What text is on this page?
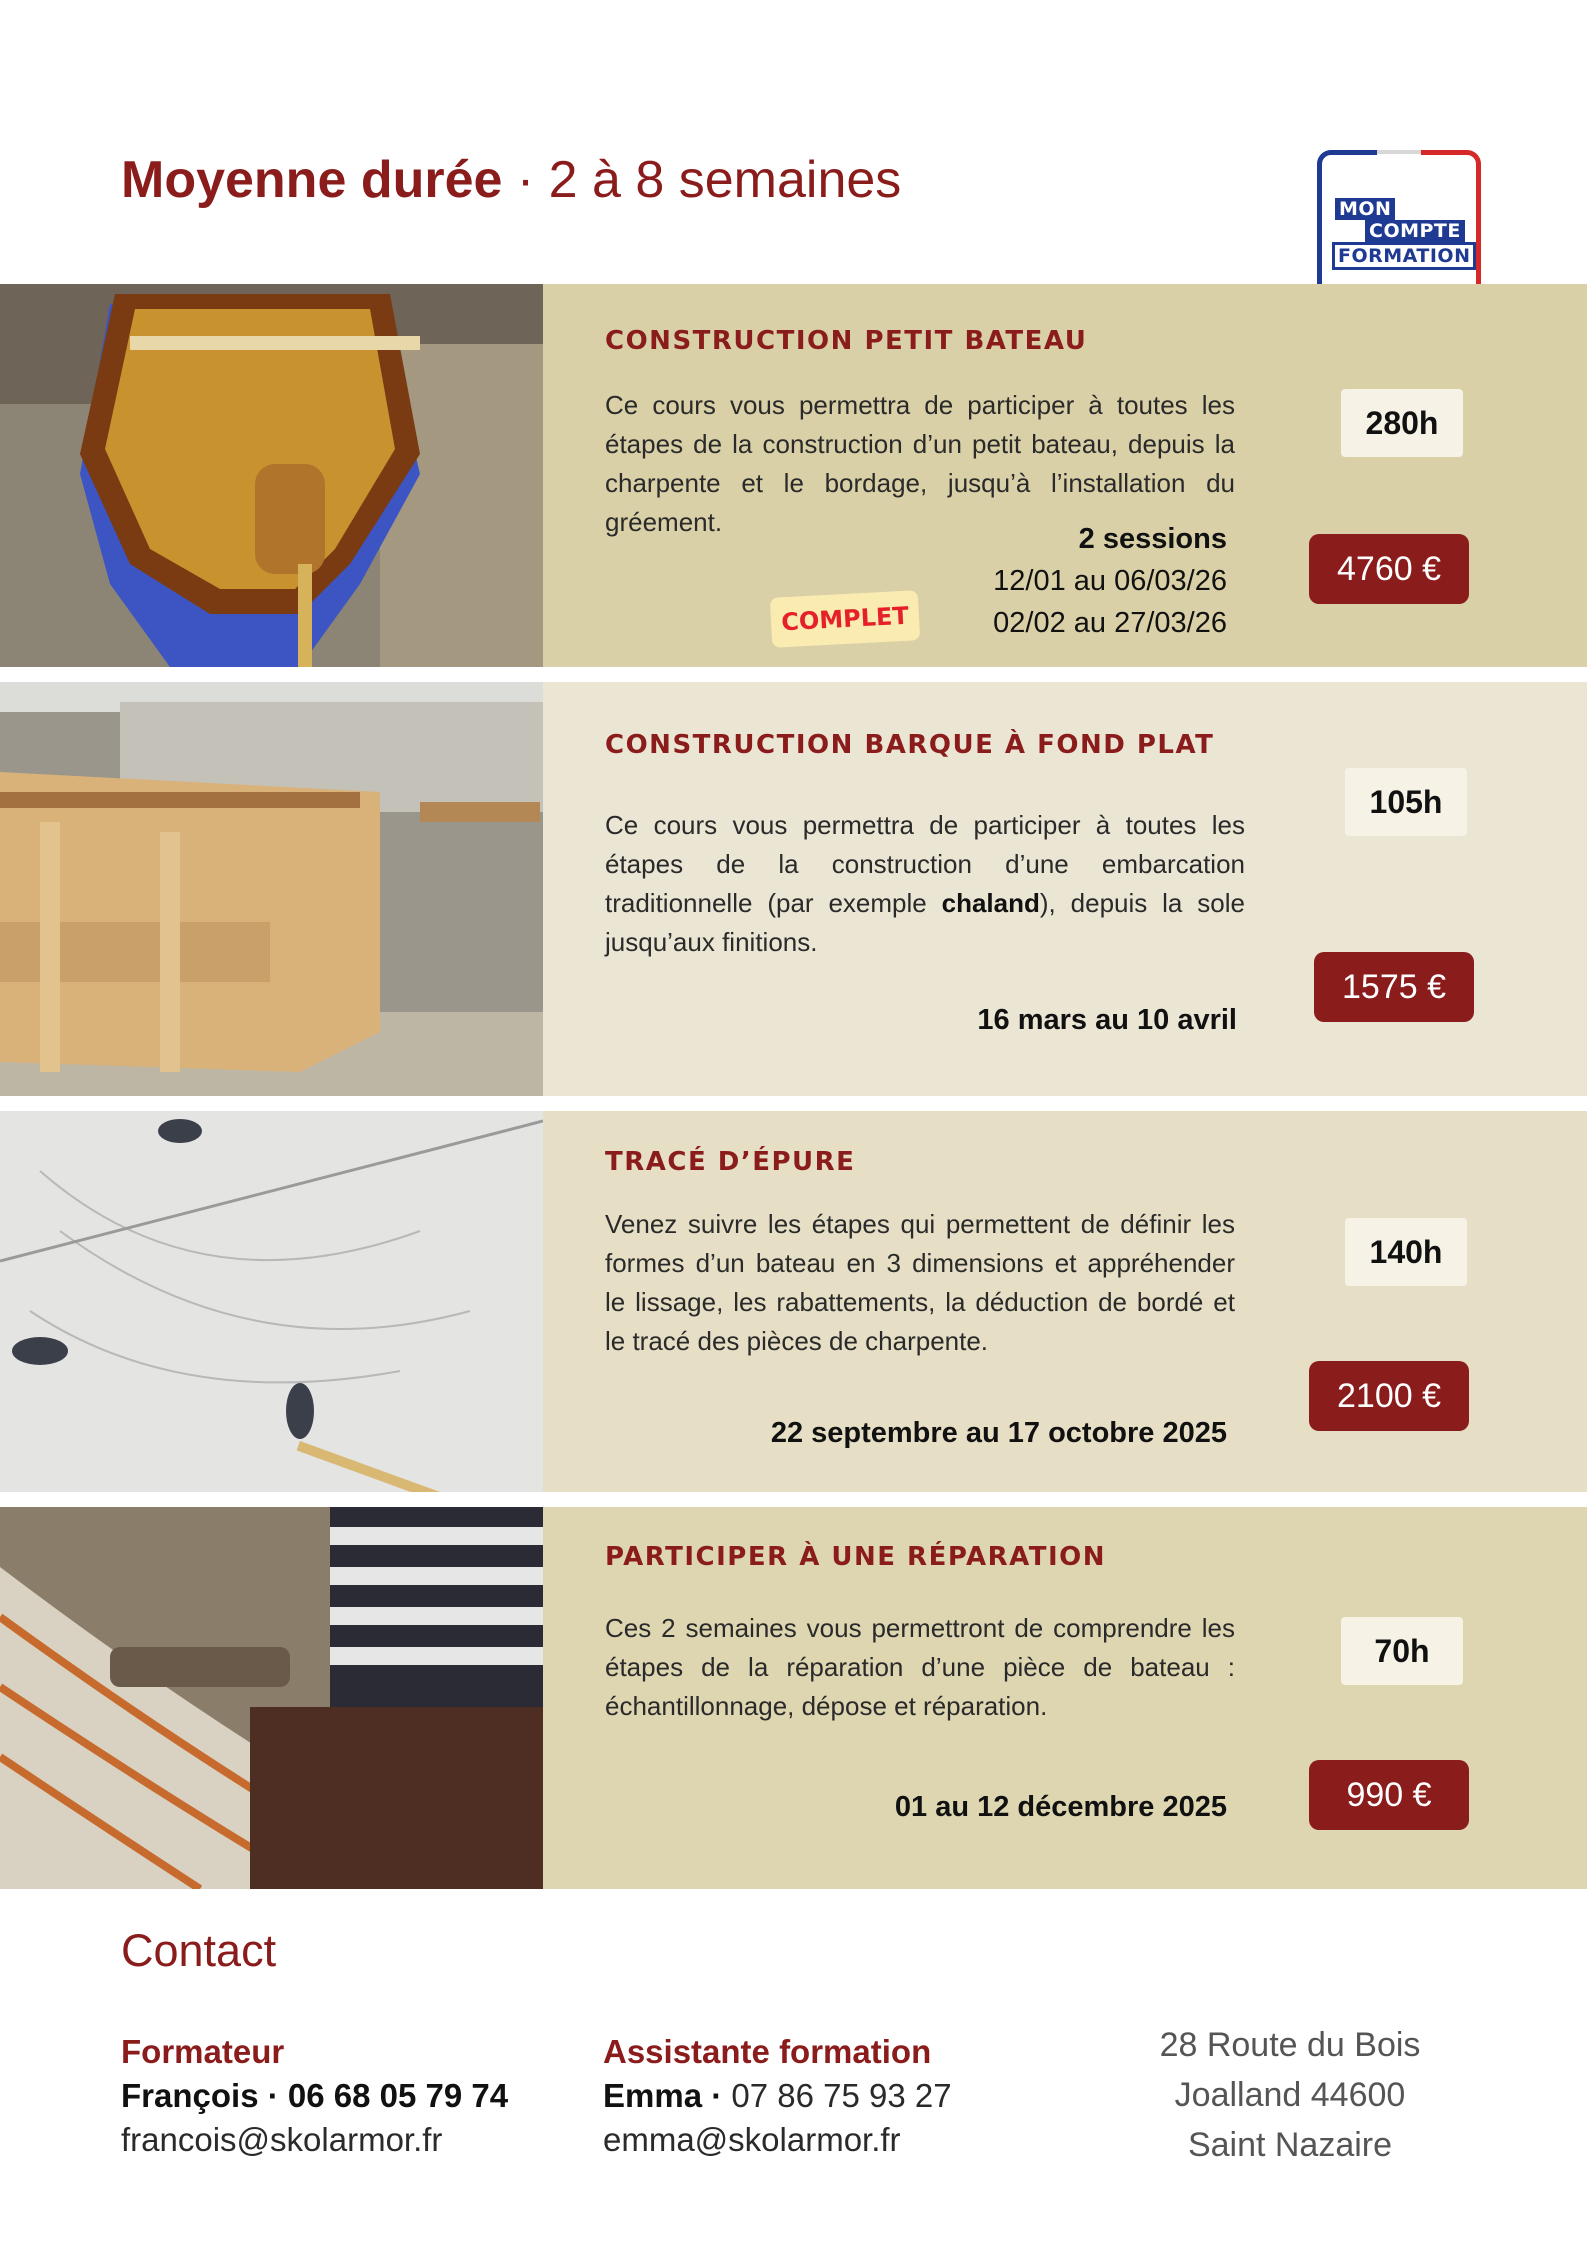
Moyenne durée · 2 à 8 semaines	MON
COMPTE
FORMATION
CONSTRUCTION PETIT BATEAU
Ce cours vous permettra de participer à toutes les étapes de la construction d’un petit bateau, depuis la charpente et le bordage, jusqu’à l’installation du gréement.
2 sessions
12/01 au 06/03/26
02/02 au 27/03/26
COMPLET
280h
4760 €
CONSTRUCTION BARQUE À FOND PLAT
Ce cours vous permettra de participer à toutes les étapes de la construction d’une embarcation traditionnelle (par exemple chaland), depuis la sole jusqu’aux finitions.
16 mars au 10 avril
105h
1575 €
TRACÉ D’ÉPURE
Venez suivre les étapes qui permettent de définir les formes d’un bateau en 3 dimensions et appréhender le lissage, les rabattements, la déduction de bordé et le tracé des pièces de charpente.
22 septembre au 17 octobre 2025
140h
2100 €
PARTICIPER À UNE RÉPARATION
Ces 2 semaines vous permettront de comprendre les étapes de la réparation d’une pièce de bateau : échantillonnage, dépose et réparation.
01 au 12 décembre 2025
70h
990 €
Contact
Formateur
François · 06 68 05 79 74
francois@skolarmor.fr
Assistante formation
Emma · 07 86 75 93 27
emma@skolarmor.fr
28 Route du Bois
Joalland 44600
Saint Nazaire
